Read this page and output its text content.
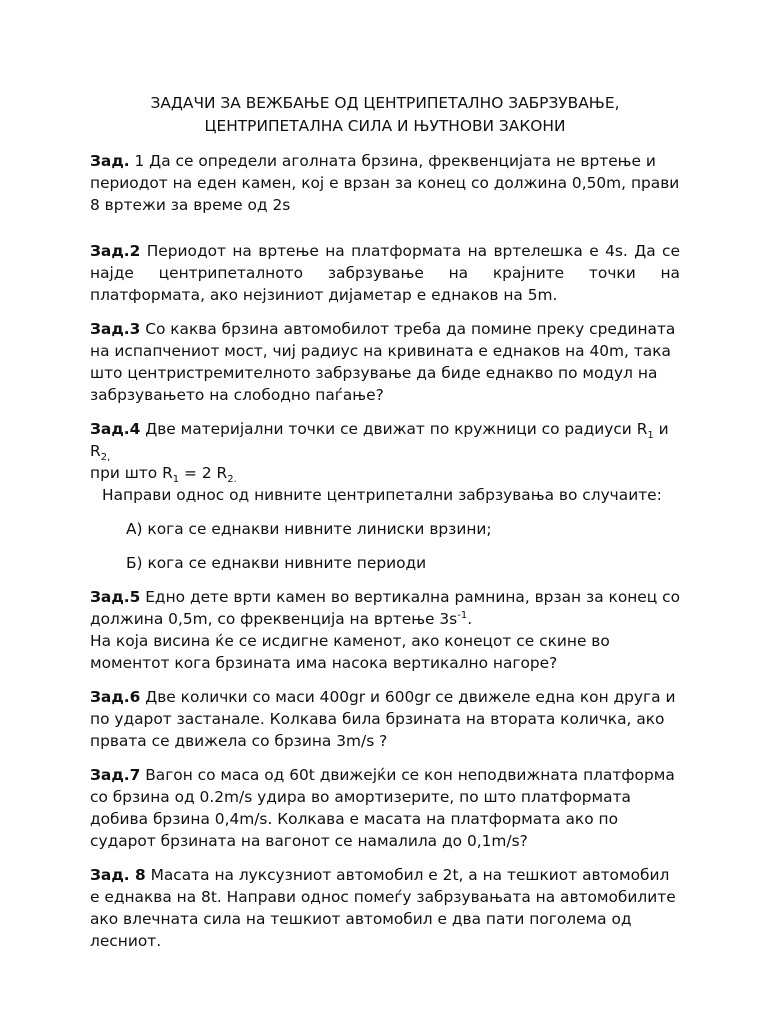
ЗАДАЧИ ЗА ВЕЖБАЊЕ ОД ЦЕНТРИПЕТАЛНО ЗАБРЗУВАЊЕ,
ЦЕНТРИПЕТАЛНА СИЛА И ЊУТНОВИ ЗАКОНИ

Зад. 1 Да се определи аголната брзина, фреквенцијата не вртење и периодот на еден камен, кој е врзан за конец со должина 0,50m, прави 8 вртежи за време од 2s

Зад.2 Периодот на вртење на платформата на вртелешка е 4s. Да се најде центрипеталното забрзување на крајните точки на платформата, ако нејзиниот дијаметар е еднаков на 5m.

Зад.3 Со каква брзина автомобилот треба да помине преку средината на испапчениот мост, чиј радиус на кривината е еднаков на 40m, така што центристремителното забрзување да биде еднакво по модул на забрзувањето на слободно паѓање?

Зад.4 Две материјални точки се движат по кружници со радиуси $R_1$ и $R_{2,}$
при што $R_1 = 2$ $R_{2.}$

Направи однос од нивните центрипетални забрзувања во случаите:

А) кога се еднакви нивните линиски врзини;

Б) кога се еднакви нивните периоди

Зад.5 Едно дете врти камен во вертикална рамнина, врзан за конец со должина 0,5m, со фреквенција на вртење $3s^{-1}$.
На која висина ќе се исдигне каменот, ако конецот се скине во моментот кога брзината има насока вертикално нагоре?

Зад.6 Две колички со маси 400gr и 600gr се движеле една кон друга и по ударот застанале. Колкава била брзината на втората количка, ако првата се движела со брзина 3m/s ?

Зад.7 Вагон со маса од 60t движејќи се кон неподвижната платформа со брзина од 0.2m/s удира во амортизерите, по што платформата добива брзина 0,4m/s. Колкава е масата на платформата ако по сударот брзината на вагонот се намалила до 0,1m/s?

Зад. 8 Масата на луксузниот автомобил е 2t, а на тешкиот автомобил е еднаква на 8t. Направи однос помеѓу забрзувањата на автомобилите ако влечната сила на тешкиот автомобил е два пати поголема од лесниот.
